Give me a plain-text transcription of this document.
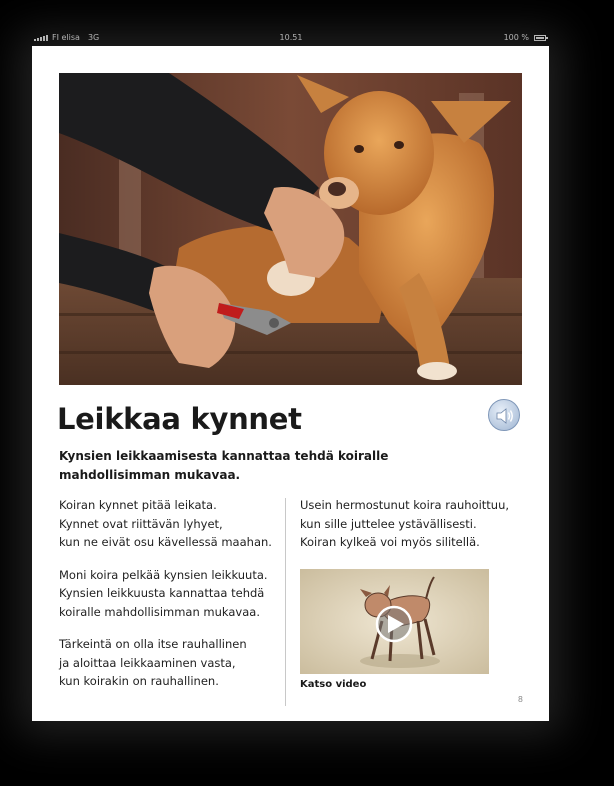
FI elisa 3G	10.51	100 %
Leikkaa kynnet
Kynsien leikkaamisesta kannattaa tehdä koiralle mahdollisimman mukavaa.

Koiran kynnet pitää leikata.
Kynnet ovat riittävän lyhyet,
kun ne eivät osu kävellessä maahan.

Moni koira pelkää kynsien leikkuuta.
Kynsien leikkuusta kannattaa tehdä
koiralle mahdollisimman mukavaa.

Tärkeintä on olla itse rauhallinen
ja aloittaa leikkaaminen vasta,
kun koirakin on rauhallinen.

Usein hermostunut koira rauhoittuu,
kun sille juttelee ystävällisesti.
Koiran kylkeä voi myös silitellä.

Katso video
8
